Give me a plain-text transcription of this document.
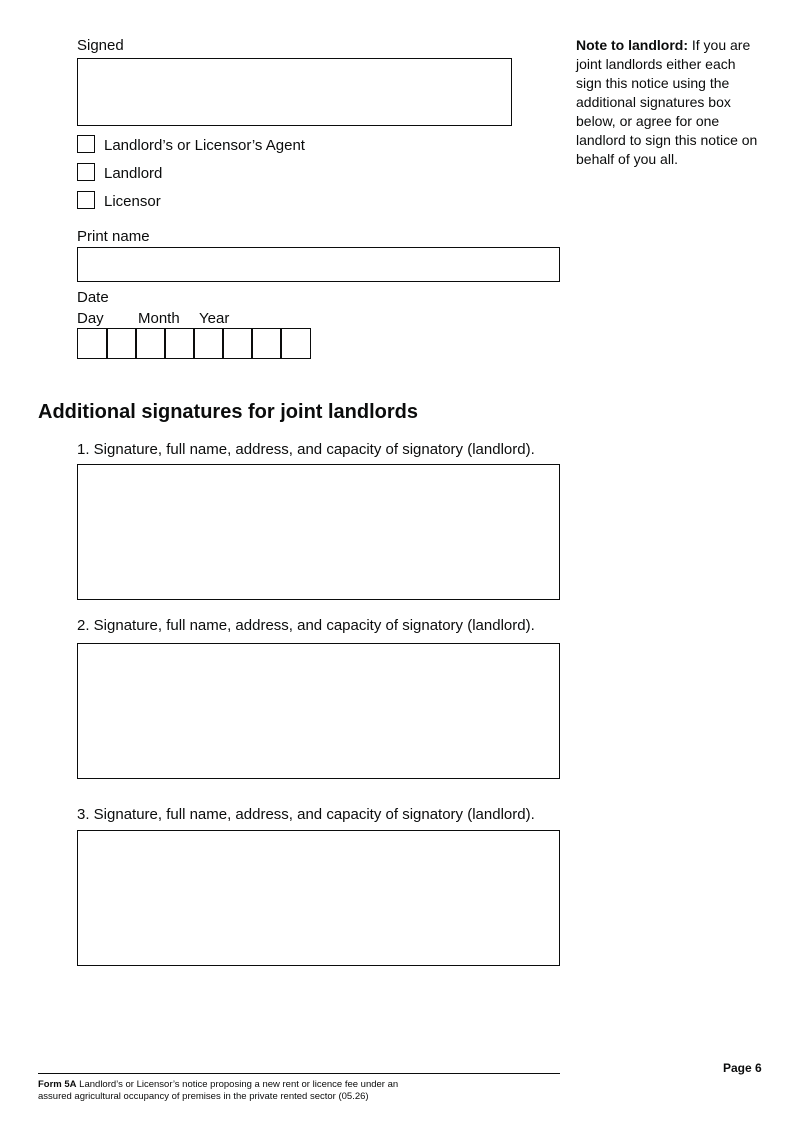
Signed
Landlord’s or Licensor’s Agent
Landlord
Licensor
Note to landlord: If you are joint landlords either each sign this notice using the additional signatures box below, or agree for one landlord to sign this notice on behalf of you all.
Print name
Date
Day Month Year
Additional signatures for joint landlords
1. Signature, full name, address, and capacity of signatory (landlord).
2. Signature, full name, address, and capacity of signatory (landlord).
3. Signature, full name, address, and capacity of signatory (landlord).
Form 5A Landlord’s or Licensor’s notice proposing a new rent or licence fee under an
assured agricultural occupancy of premises in the private rented sector (05.26)
Page 6
